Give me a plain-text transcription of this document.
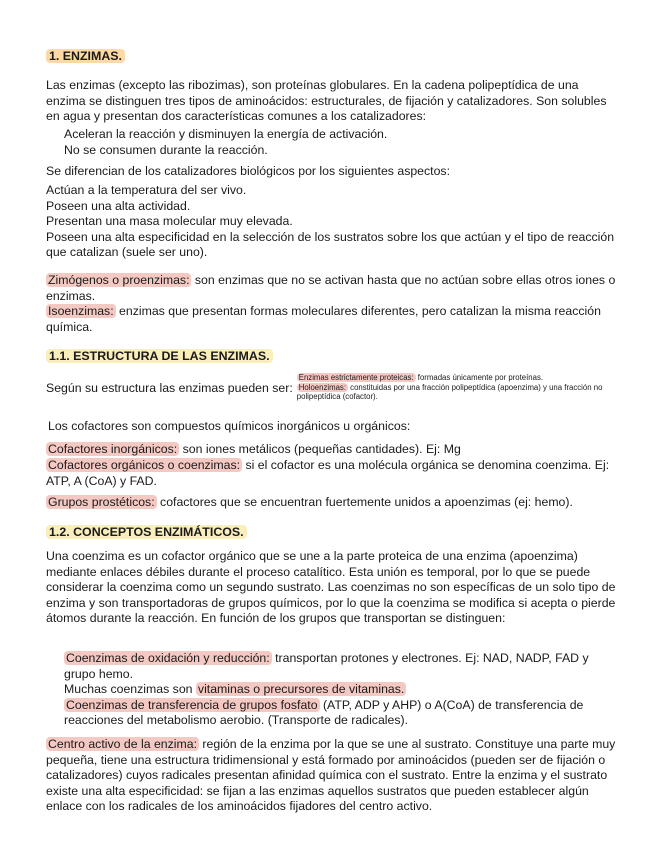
1. ENZIMAS.
Las enzimas (excepto las ribozimas), son proteínas globulares. En la cadena polipeptídica de una enzima se distinguen tres tipos de aminoácidos: estructurales, de fijación y catalizadores. Son solubles en agua y presentan dos características comunes a los catalizadores:
Aceleran la reacción y disminuyen la energía de activación.
No se consumen durante la reacción.
Se diferencian de los catalizadores biológicos por los siguientes aspectos:
Actúan a la temperatura del ser vivo.
Poseen una alta actividad.
Presentan una masa molecular muy elevada.
Poseen una alta especificidad en la selección de los sustratos sobre los que actúan y el tipo de reacción que catalizan (suele ser uno).
Zimógenos o proenzimas: son enzimas que no se activan hasta que no actúan sobre ellas otros iones o enzimas.
Isoenzimas: enzimas que presentan formas moleculares diferentes, pero catalizan la misma reacción química.
1.1. ESTRUCTURA DE LAS ENZIMAS.
Según su estructura las enzimas pueden ser:
Enzimas estrictamente proteicas: formadas únicamente por proteínas.
Holoenzimas: constituidas por una fracción polipeptídica (apoenzima) y una fracción no polipeptídica (cofactor).
Los cofactores son compuestos químicos inorgánicos u orgánicos:
Cofactores inorgánicos: son iones metálicos (pequeñas cantidades). Ej: Mg
Cofactores orgánicos o coenzimas: si el cofactor es una molécula orgánica se denomina coenzima. Ej: ATP, A (CoA) y FAD.
Grupos prostéticos: cofactores que se encuentran fuertemente unidos a apoenzimas (ej: hemo).
1.2. CONCEPTOS ENZIMÁTICOS.
Una coenzima es un cofactor orgánico que se une a la parte proteica de una enzima (apoenzima) mediante enlaces débiles durante el proceso catalítico. Esta unión es temporal, por lo que se puede considerar la coenzima como un segundo sustrato. Las coenzimas no son específicas de un solo tipo de enzima y son transportadoras de grupos químicos, por lo que la coenzima se modifica si acepta o pierde átomos durante la reacción. En función de los grupos que transportan se distinguen:
Coenzimas de oxidación y reducción: transportan protones y electrones. Ej: NAD, NADP, FAD y grupo hemo.
Muchas coenzimas son vitaminas o precursores de vitaminas.
Coenzimas de transferencia de grupos fosfato (ATP, ADP y AHP) o A(CoA) de transferencia de reacciones del metabolismo aerobio. (Transporte de radicales).
Centro activo de la enzima: región de la enzima por la que se une al sustrato. Constituye una parte muy pequeña, tiene una estructura tridimensional y está formado por aminoácidos (pueden ser de fijación o catalizadores) cuyos radicales presentan afinidad química con el sustrato. Entre la enzima y el sustrato existe una alta especificidad: se fijan a las enzimas aquellos sustratos que pueden establecer algún enlace con los radicales de los aminoácidos fijadores del centro activo.
